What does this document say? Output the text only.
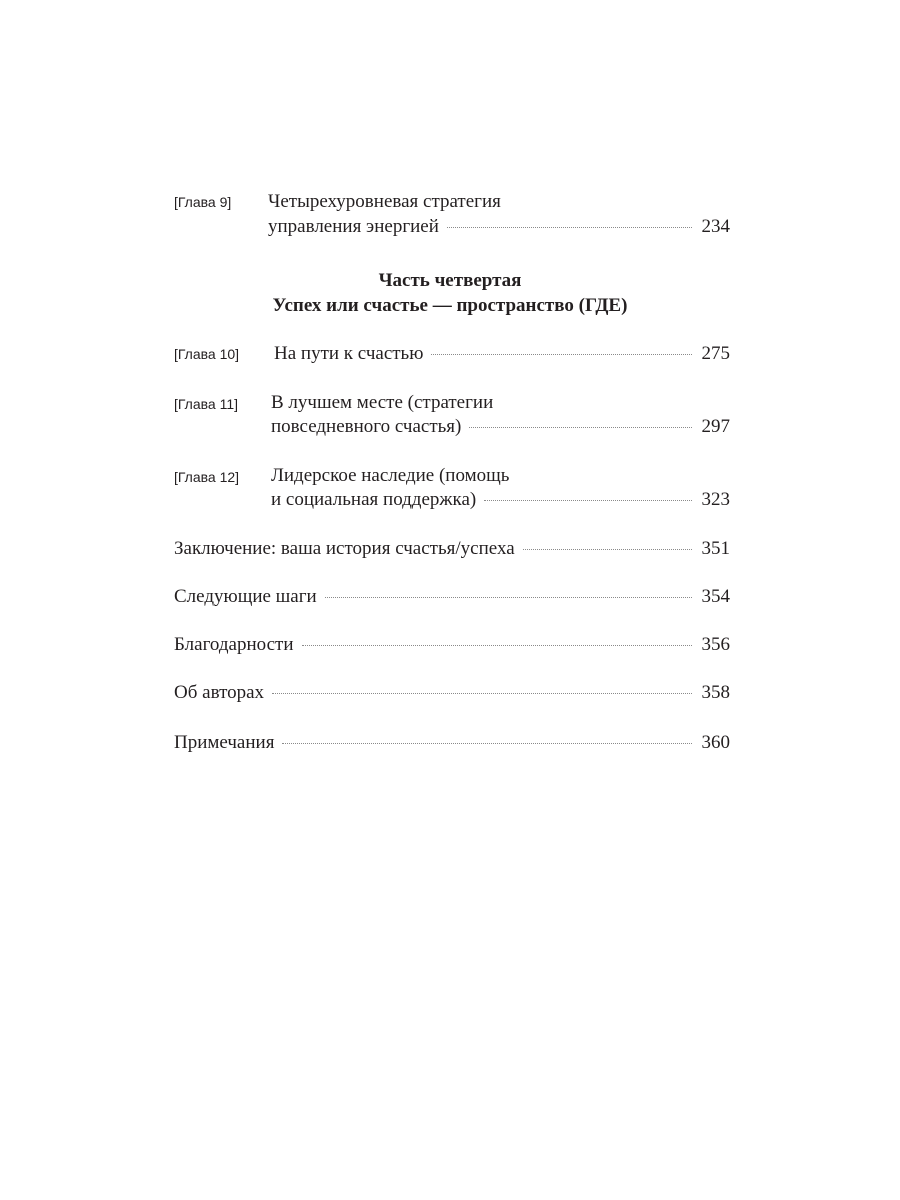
[Глава 9] Четырехуровневая стратегия
управления энергией	234
Часть четвертая
Успех или счастье — пространство (ГДЕ)
[Глава 10] На пути к счастью	275
[Глава 11] В лучшем месте (стратегии
повседневного счастья)	297
[Глава 12] Лидерское наследие (помощь
и социальная поддержка)	323
Заключение: ваша история счастья/успеха	351
Следующие шаги	354
Благодарности	356
Об авторах	358
Примечания	360
